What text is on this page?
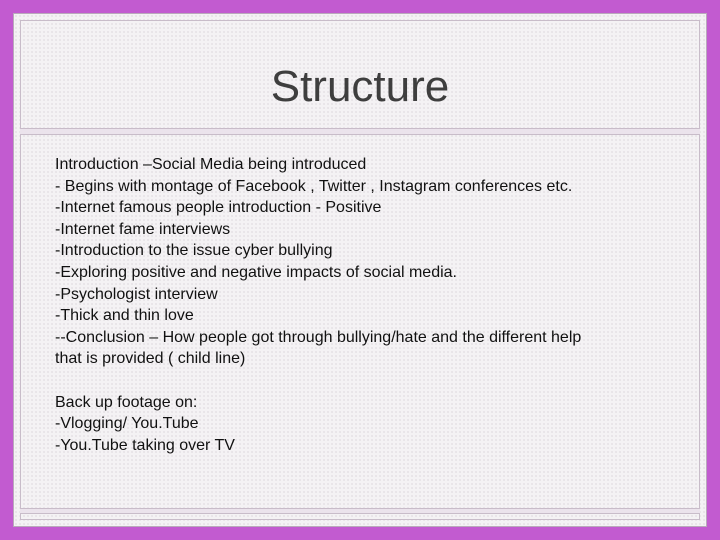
Structure
Introduction –Social Media being introduced
- Begins with montage of Facebook , Twitter , Instagram conferences etc.
-Internet famous people introduction - Positive
-Internet fame interviews
-Introduction to the issue cyber bullying
-Exploring positive and negative impacts of social media.
-Psychologist interview
-Thick and thin love
--Conclusion – How people got through bullying/hate and the different help
that is provided ( child line)
Back up footage on:
-Vlogging/ You.Tube
-You.Tube taking over TV
